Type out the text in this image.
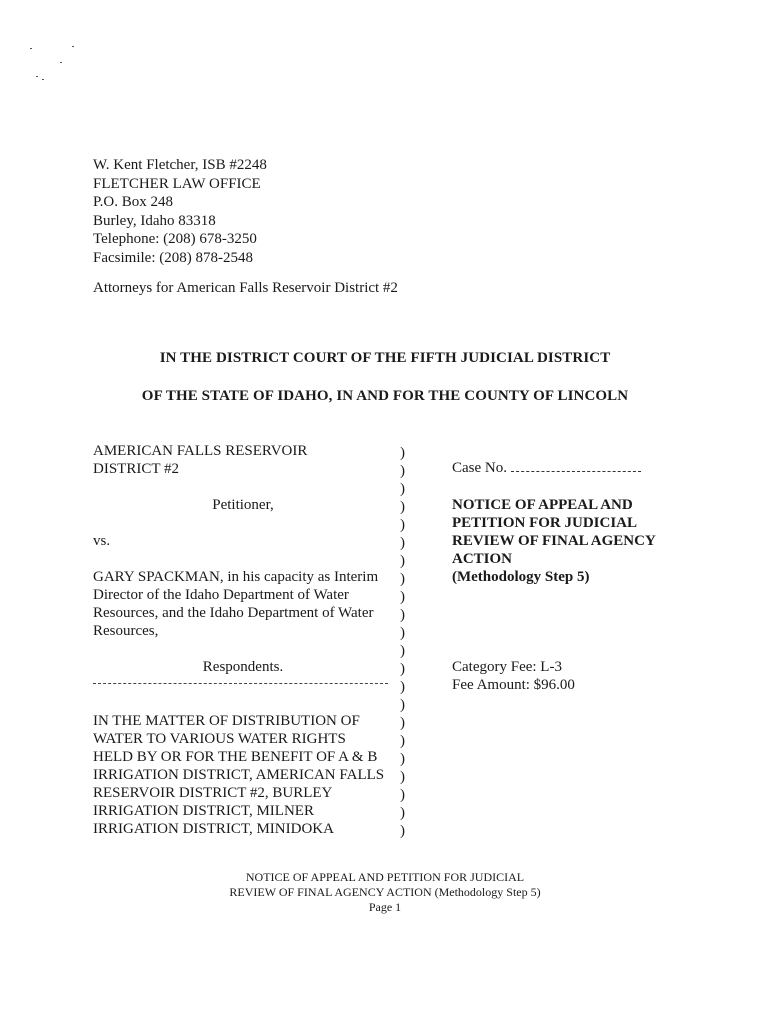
W. Kent Fletcher, ISB #2248
FLETCHER LAW OFFICE
P.O. Box 248
Burley, Idaho 83318
Telephone: (208) 678-3250
Facsimile: (208) 878-2548
Attorneys for American Falls Reservoir District #2
IN THE DISTRICT COURT OF THE FIFTH JUDICIAL DISTRICT
OF THE STATE OF IDAHO, IN AND FOR THE COUNTY OF LINCOLN
AMERICAN FALLS RESERVOIR
DISTRICT #2
Petitioner,
vs.
GARY SPACKMAN, in his capacity as Interim
Director of the Idaho Department of Water
Resources, and the Idaho Department of Water
Resources,
Respondents.
IN THE MATTER OF DISTRIBUTION OF
WATER TO VARIOUS WATER RIGHTS
HELD BY OR FOR THE BENEFIT OF A & B
IRRIGATION DISTRICT, AMERICAN FALLS
RESERVOIR DISTRICT #2, BURLEY
IRRIGATION DISTRICT, MILNER
IRRIGATION DISTRICT, MINIDOKA
)
)
)
)
)
)
)
)
)
)
)
)
)
)
)
)
)
)
)
)
)
)
Case No.
NOTICE OF APPEAL AND
PETITION FOR JUDICIAL
REVIEW OF FINAL AGENCY
ACTION
(Methodology Step 5)
Category Fee: L-3
Fee Amount: $96.00
NOTICE OF APPEAL AND PETITION FOR JUDICIAL
REVIEW OF FINAL AGENCY ACTION (Methodology Step 5)
Page 1
